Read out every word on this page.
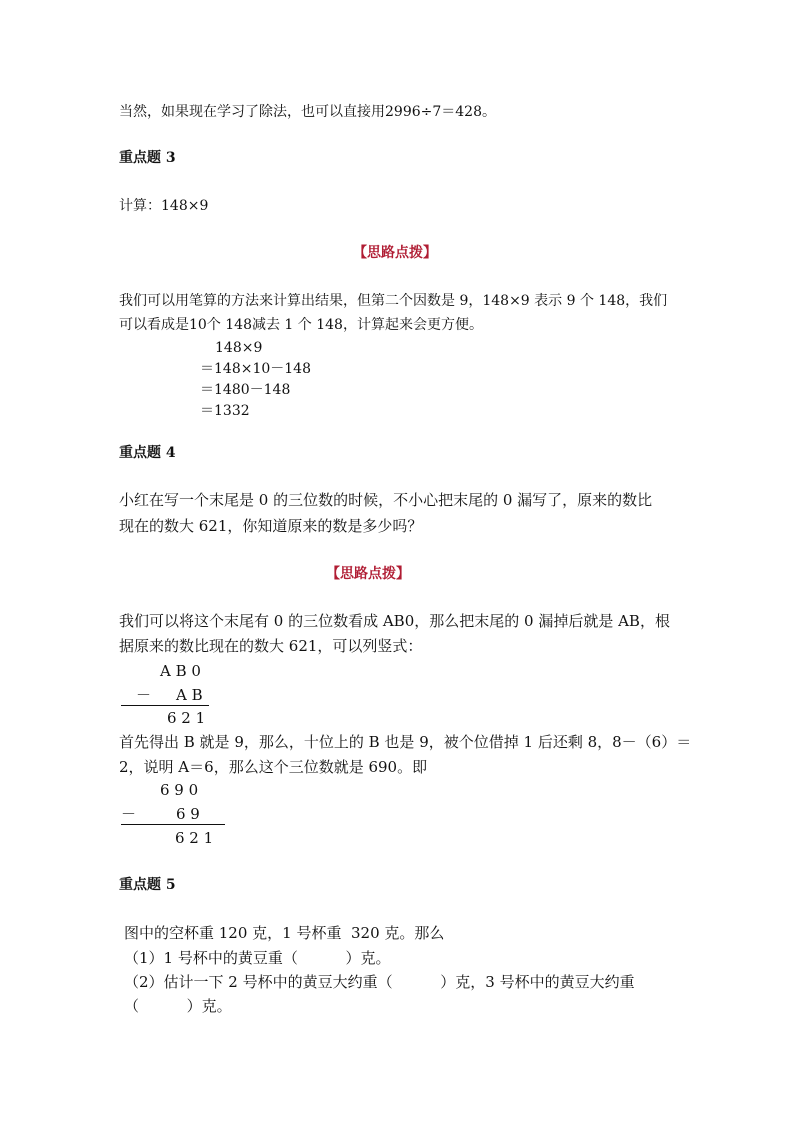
当然，如果现在学习了除法，也可以直接用2996÷7＝428。
重点题 3
计算：148×9
【思路点拨】
我们可以用笔算的方法来计算出结果，但第二个因数是 9，148×9 表示 9 个 148，我们
可以看成是10个 148减去 1 个 148，计算起来会更方便。
148×9
＝148×10－148
＝1480－148
＝1332
重点题 4
小红在写一个末尾是 0 的三位数的时候，不小心把末尾的 0 漏写了，原来的数比
现在的数大 621，你知道原来的数是多少吗？
【思路点拨】
我们可以将这个末尾有 0 的三位数看成 AB0，那么把末尾的 0 漏掉后就是 AB，根
据原来的数比现在的数大 621，可以列竖式：
A B 0
－ A B
6 2 1
首先得出 B 就是 9，那么，十位上的 B 也是 9，被个位借掉 1 后还剩 8，8－（6）＝
2，说明 A＝6，那么这个三位数就是 690。即
6 9 0
－	6 9
6 2 1
重点题 5
图中的空杯重 120 克，1 号杯重  320 克。那么
（1）1 号杯中的黄豆重（          ）克。
（2）估计一下 2 号杯中的黄豆大约重（          ）克，3 号杯中的黄豆大约重
（          ）克。
